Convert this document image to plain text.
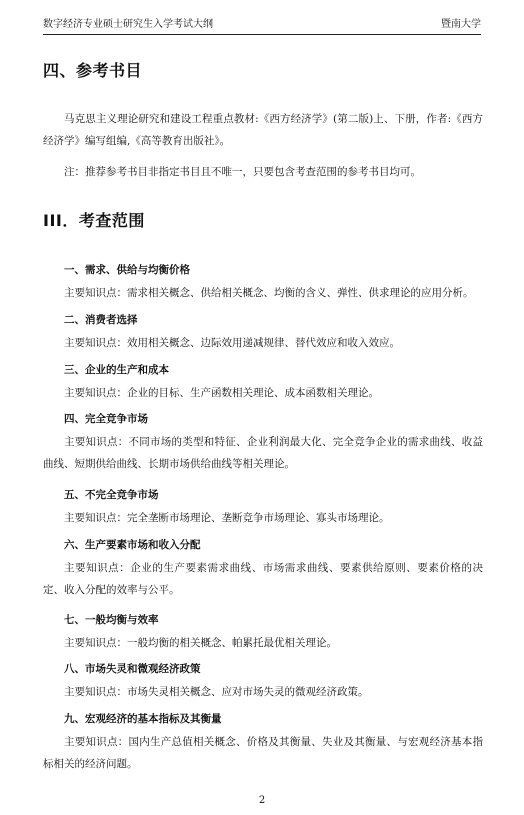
数字经济专业硕士研究生入学考试大纲	暨南大学
四、参考书目
马克思主义理论研究和建设工程重点教材:《西方经济学》(第二版)上、下册，作者:《西方经济学》编写组编,《高等教育出版社》。
注：推荐参考书目非指定书目且不唯一，只要包含考查范围的参考书目均可。
III．考查范围
一、需求、供给与均衡价格
主要知识点：需求相关概念、供给相关概念、均衡的含义、弹性、供求理论的应用分析。
二、消费者选择
主要知识点：效用相关概念、边际效用递减规律、替代效应和收入效应。
三、企业的生产和成本
主要知识点：企业的目标、生产函数相关理论、成本函数相关理论。
四、完全竞争市场
主要知识点：不同市场的类型和特征、企业利润最大化、完全竞争企业的需求曲线、收益曲线、短期供给曲线、长期市场供给曲线等相关理论。
五、不完全竞争市场
主要知识点：完全垄断市场理论、垄断竞争市场理论、寡头市场理论。
六、生产要素市场和收入分配
主要知识点：企业的生产要素需求曲线、市场需求曲线、要素供给原则、要素价格的决定、收入分配的效率与公平。
七、一般均衡与效率
主要知识点：一般均衡的相关概念、帕累托最优相关理论。
八、市场失灵和微观经济政策
主要知识点：市场失灵相关概念、应对市场失灵的微观经济政策。
九、宏观经济的基本指标及其衡量
主要知识点：国内生产总值相关概念、价格及其衡量、失业及其衡量、与宏观经济基本指标相关的经济问题。
2
